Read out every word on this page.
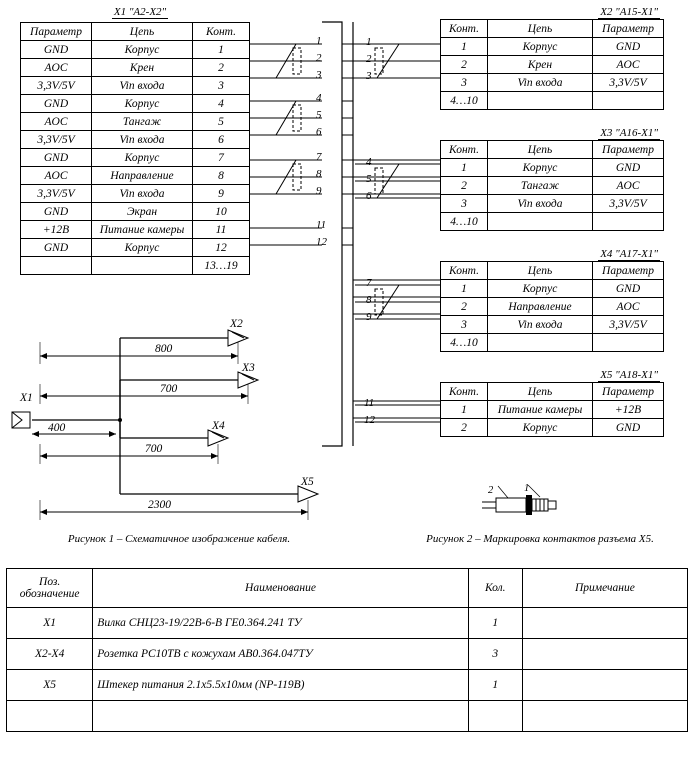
X1 "A2-X2"
Параметр	Цепь	Конт.
GND	Корпус	1
AOC	Крен	2
3,3V/5V	Vin входа	3
GND	Корпус	4
AOC	Тангаж	5
3,3V/5V	Vin входа	6
GND	Корпус	7
AOC	Направление	8
3,3V/5V	Vin входа	9
GND	Экран	10
+12В	Питание камеры	11
GND	Корпус	12
		13…19
X2 "A15-X1"
Конт.	Цепь	Параметр
1	Корпус	GND
2	Крен	AOC
3	Vin входа	3,3V/5V
4…10		
X3 "A16-X1"
Конт.	Цепь	Параметр
1	Корпус	GND
2	Тангаж	AOC
3	Vin входа	3,3V/5V
4…10		
X4 "A17-X1"
Конт.	Цепь	Параметр
1	Корпус	GND
2	Направление	AOC
3	Vin входа	3,3V/5V
4…10		
X5 "A18-X1"
Конт.	Цепь	Параметр
1	Питание камеры	+12В
2	Корпус	GND
1
2
3
4
5
6
7
8
9
11
12
1
2
3
4
5
6
7
8
9
11
12
X2
X3
X4
X1
X5
800
700
700
400
2300
Рисунок 1 – Схематичное изображение кабеля.
2	1
Рисунок 2 – Маркировка контактов разъема X5.
Поз.
обозначение	Наименование	Кол.	Примечание
X1	Вилка СНЦ23-19/22В-6-В ГЕ0.364.241 ТУ	1	
X2-X4	Розетка РС10ТВ с кожухам АВ0.364.047ТУ	3	
X5	Штекер питания 2.1х5.5х10мм (NP-119В)	1	
